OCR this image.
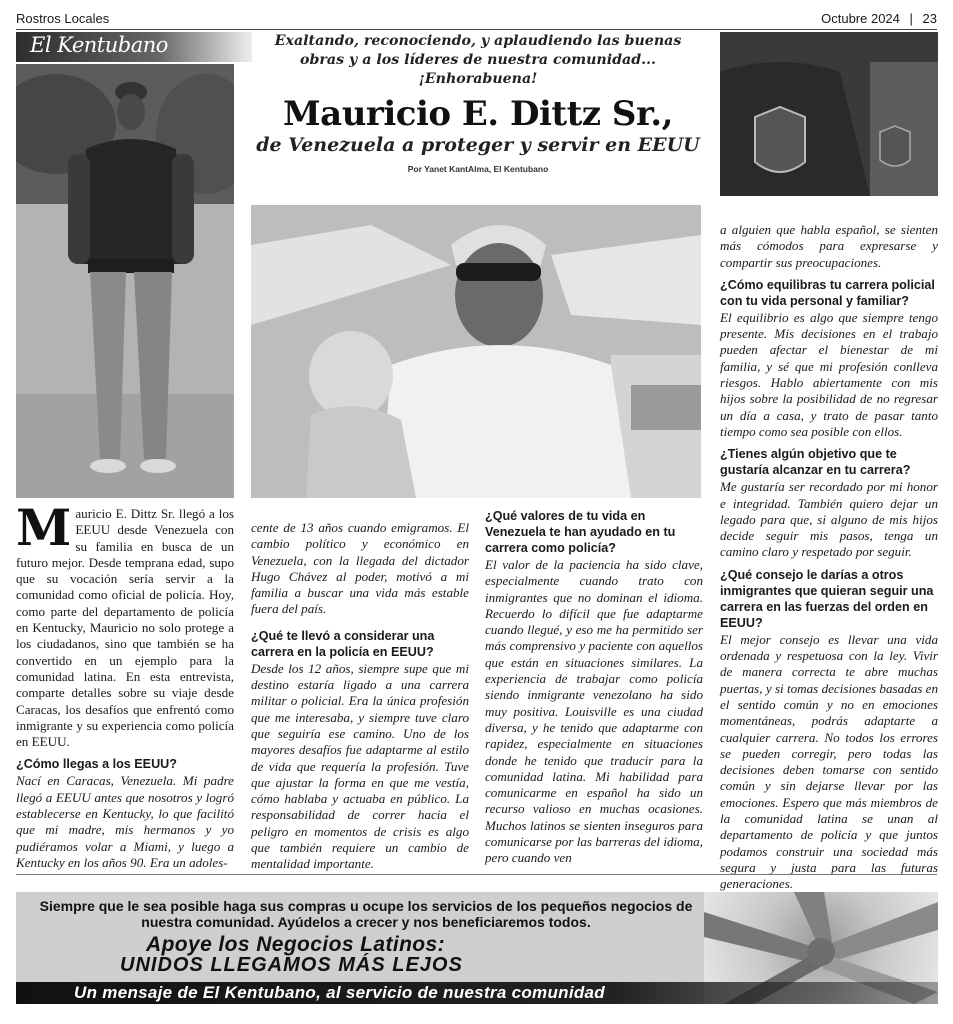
Rostros Locales	Octubre 2024 | 23
El Kentubano	Exaltando, reconociendo, y aplaudiendo las buenas obras y a los líderes de nuestra comunidad... ¡Enhorabuena!
Mauricio E. Dittz Sr.,
de Venezuela a proteger y servir en EEUU
Por Yanet KantAlma, El Kentubano

Mauricio E. Dittz Sr. llegó a los EEUU desde Venezuela con su familia en busca de un futuro mejor. Desde temprana edad, supo que su vocación sería servir a la comunidad como oficial de policía. Hoy, como parte del departamento de policía en Kentucky, Mauricio no solo protege a los ciudadanos, sino que también se ha convertido en un ejemplo para la comunidad latina. En esta entrevista, comparte detalles sobre su viaje desde Caracas, los desafíos que enfrentó como inmigrante y su experiencia como policía en EEUU.

¿Cómo llegas a los EEUU?

Nací en Caracas, Venezuela. Mi padre llegó a EEUU antes que nosotros y logró establecerse en Kentucky, lo que facilitó que mi madre, mis hermanos y yo pudiéramos volar a Miami, y luego a Kentucky en los años 90. Era un adoles-

cente de 13 años cuando emigramos. El cambio político y económico en Venezuela, con la llegada del dictador Hugo Chávez al poder, motivó a mi familia a buscar una vida más estable fuera del país.

¿Qué te llevó a considerar una carrera en la policía en EEUU?

Desde los 12 años, siempre supe que mi destino estaría ligado a una carrera militar o policial. Era la única profesión que me interesaba, y siempre tuve claro que seguiría ese camino. Uno de los mayores desafíos fue adaptarme al estilo de vida que requería la profesión. Tuve que ajustar la forma en que me vestía, cómo hablaba y actuaba en público. La responsabilidad de correr hacia el peligro en momentos de crisis es algo que también requiere un cambio de mentalidad importante.

¿Qué valores de tu vida en Venezuela te han ayudado en tu carrera como policía?

El valor de la paciencia ha sido clave, especialmente cuando trato con inmigrantes que no dominan el idioma. Recuerdo lo difícil que fue adaptarme cuando llegué, y eso me ha permitido ser más comprensivo y paciente con aquellos que están en situaciones similares. La experiencia de trabajar como policía siendo inmigrante venezolano ha sido muy positiva. Louisville es una ciudad diversa, y he tenido que adaptarme con rapidez, especialmente en situaciones donde he tenido que traducir para la comunidad latina. Mi habilidad para comunicarme en español ha sido un recurso valioso en muchas ocasiones. Muchos latinos se sienten inseguros para comunicarse por las barreras del idioma, pero cuando ven

a alguien que habla español, se sienten más cómodos para expresarse y compartir sus preocupaciones.

¿Cómo equilibras tu carrera policial con tu vida personal y familiar?

El equilibrio es algo que siempre tengo presente. Mis decisiones en el trabajo pueden afectar el bienestar de mi familia, y sé que mi profesión conlleva riesgos. Hablo abiertamente con mis hijos sobre la posibilidad de no regresar un día a casa, y trato de pasar tanto tiempo como sea posible con ellos.

¿Tienes algún objetivo que te gustaría alcanzar en tu carrera?

Me gustaría ser recordado por mi honor e integridad. También quiero dejar un legado para que, si alguno de mis hijos decide seguir mis pasos, tenga un camino claro y respetado por seguir.

¿Qué consejo le darías a otros inmigrantes que quieran seguir una carrera en las fuerzas del orden en EEUU?

El mejor consejo es llevar una vida ordenada y respetuosa con la ley. Vivir de manera correcta te abre muchas puertas, y si tomas decisiones basadas en el sentido común y no en emociones momentáneas, podrás adaptarte a cualquier carrera. No todos los errores se pueden corregir, pero todas las decisiones deben tomarse con sentido común y sin dejarse llevar por las emociones. Espero que más miembros de la comunidad latina se unan al departamento de policía y que juntos podamos construir una sociedad más segura y justa para las futuras generaciones.

Siempre que le sea posible haga sus compras u ocupe los servicios de los pequeños negocios de nuestra comunidad. Ayúdelos a crecer y nos beneficiaremos todos.
Apoye los Negocios Latinos:
UNIDOS LLEGAMOS MÁS LEJOS
Un mensaje de El Kentubano, al servicio de nuestra comunidad
